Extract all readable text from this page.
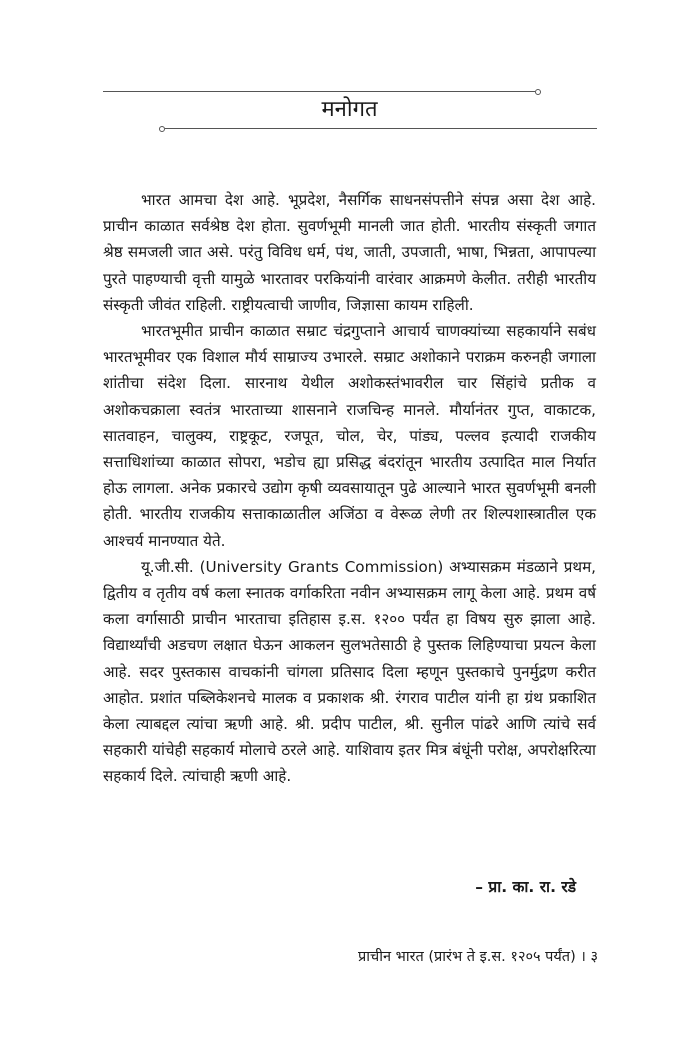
मनोगत

भारत आमचा देश आहे. भूप्रदेश, नैसर्गिक साधनसंपत्तीने संपन्न असा देश आहे. प्राचीन काळात सर्वश्रेष्ठ देश होता. सुवर्णभूमी मानली जात होती. भारतीय संस्कृती जगात श्रेष्ठ समजली जात असे. परंतु विविध धर्म, पंथ, जाती, उपजाती, भाषा, भिन्नता, आपापल्या पुरते पाहण्याची वृत्ती यामुळे भारतावर परकियांनी वारंवार आक्रमणे केलीत. तरीही भारतीय संस्कृती जीवंत राहिली. राष्ट्रीयत्वाची जाणीव, जिज्ञासा कायम राहिली.

भारतभूमीत प्राचीन काळात सम्राट चंद्रगुप्ताने आचार्य चाणक्यांच्या सहकार्याने सबंध भारतभूमीवर एक विशाल मौर्य साम्राज्य उभारले. सम्राट अशोकाने पराक्रम करुनही जगाला शांतीचा संदेश दिला. सारनाथ येथील अशोकस्तंभावरील चार सिंहांचे प्रतीक व अशोकचक्राला स्वतंत्र भारताच्या शासनाने राजचिन्ह मानले. मौर्यानंतर गुप्त, वाकाटक, सातवाहन, चालुक्य, राष्ट्रकूट, रजपूत, चोल, चेर, पांड्य, पल्लव इत्यादी राजकीय सत्ताधिशांच्या काळात सोपरा, भडोच ह्या प्रसिद्ध बंदरांतून भारतीय उत्पादित माल निर्यात होऊ लागला. अनेक प्रकारचे उद्योग कृषी व्यवसायातून पुढे आल्याने भारत सुवर्णभूमी बनली होती. भारतीय राजकीय सत्ताकाळातील अजिंठा व वेरूळ लेणी तर शिल्पशास्त्रातील एक आश्चर्य मानण्यात येते.

यू.जी.सी. (University Grants Commission) अभ्यासक्रम मंडळाने प्रथम, द्वितीय व तृतीय वर्ष कला स्नातक वर्गाकरिता नवीन अभ्यासक्रम लागू केला आहे. प्रथम वर्ष कला वर्गासाठी प्राचीन भारताचा इतिहास इ.स. १२०० पर्यंत हा विषय सुरु झाला आहे. विद्यार्थ्यांची अडचण लक्षात घेऊन आकलन सुलभतेसाठी हे पुस्तक लिहिण्याचा प्रयत्न केला आहे. सदर पुस्तकास वाचकांनी चांगला प्रतिसाद दिला म्हणून पुस्तकाचे पुनर्मुद्रण करीत आहोत. प्रशांत पब्लिकेशनचे मालक व प्रकाशक श्री. रंगराव पाटील यांनी हा ग्रंथ प्रकाशित केला त्याबद्दल त्यांचा ऋणी आहे. श्री. प्रदीप पाटील, श्री. सुनील पांढरे आणि त्यांचे सर्व सहकारी यांचेही सहकार्य मोलाचे ठरले आहे. याशिवाय इतर मित्र बंधूंनी परोक्ष, अपरोक्षरित्या सहकार्य दिले. त्यांचाही ऋणी आहे.

– प्रा. का. रा. रडे
प्राचीन भारत (प्रारंभ ते इ.स. १२०५ पर्यंत) । ३
